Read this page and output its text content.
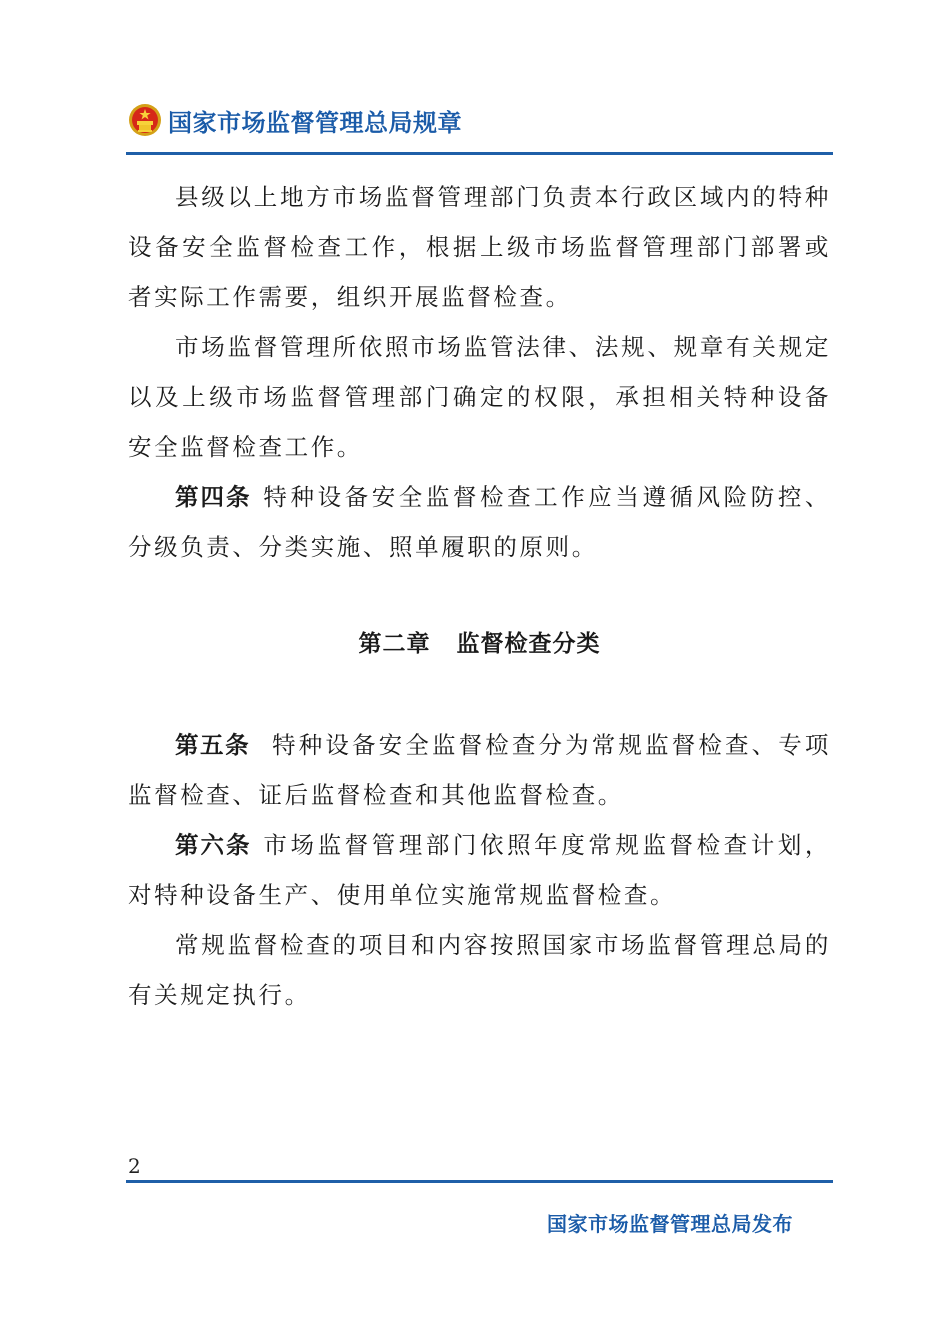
国家市场监督管理总局规章

县级以上地方市场监督管理部门负责本行政区域内的特种设备安全监督检查工作，根据上级市场监督管理部门部署或者实际工作需要，组织开展监督检查。

市场监督管理所依照市场监管法律、法规、规章有关规定以及上级市场监督管理部门确定的权限，承担相关特种设备安全监督检查工作。

第四条 特种设备安全监督检查工作应当遵循风险防控、分级负责、分类实施、照单履职的原则。

第二章 监督检查分类

第五条 特种设备安全监督检查分为常规监督检查、专项监督检查、证后监督检查和其他监督检查。

第六条 市场监督管理部门依照年度常规监督检查计划，对特种设备生产、使用单位实施常规监督检查。

常规监督检查的项目和内容按照国家市场监督管理总局的有关规定执行。

2
国家市场监督管理总局发布
